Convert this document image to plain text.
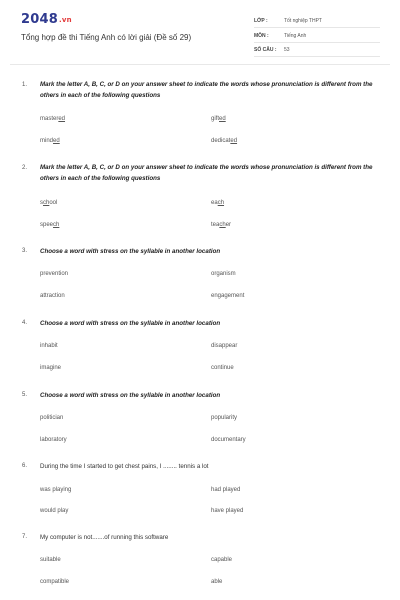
2048.vn
Tổng hợp đề thi Tiếng Anh có lời giải (Đề số 29)
LỚP :	Tốt nghiệp THPT
MÔN :	Tiếng Anh
SỐ CÂU : 53
1. Mark the letter A, B, C, or D on your answer sheet to indicate the words whose pronunciation is different from the others in each of the following questions
mastered	gifted
minded	dedicated
2. Mark the letter A, B, C, or D on your answer sheet to indicate the words whose pronunciation is different from the others in each of the following questions
school	each
speech	teacher
3. Choose a word with stress on the syllable in another location
prevention	organism
attraction	engagement
4. Choose a word with stress on the syllable in another location
inhabit	disappear
imagine	continue
5. Choose a word with stress on the syllable in another location
politician	popularity
laboratory	documentary
6. During the time I started to get chest pains, I ........ tennis a lot
was playing	had played
would play	have played
7. My computer is not.......of running this software
suitable	capable
compatible	able
